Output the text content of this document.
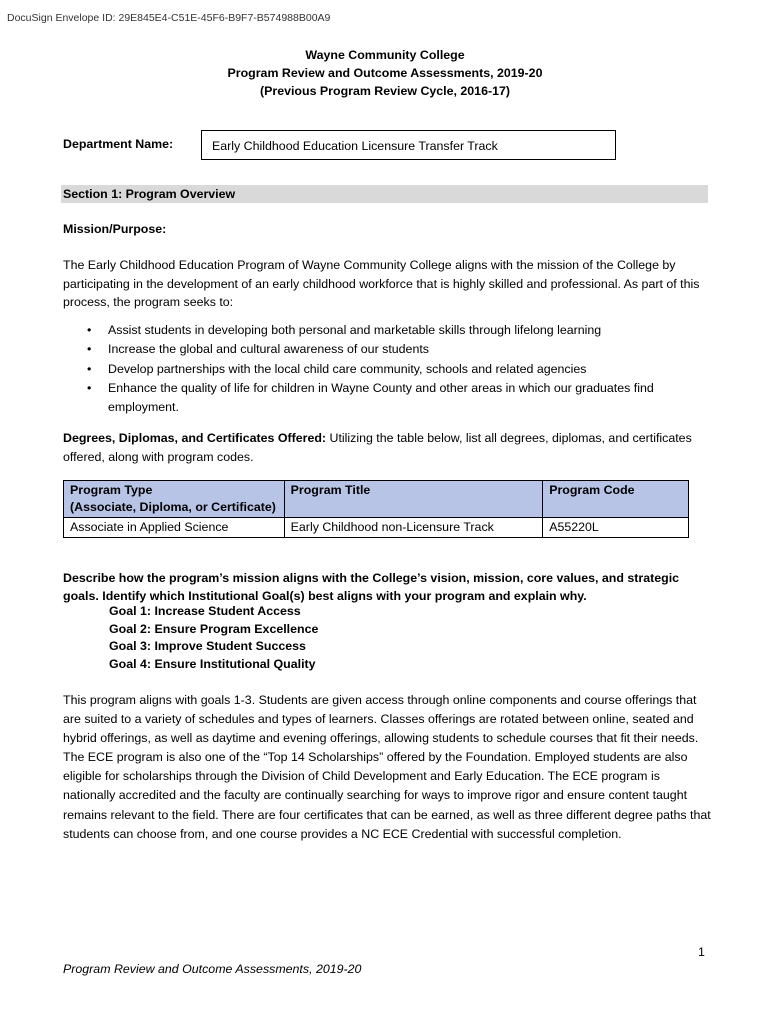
DocuSign Envelope ID: 29E845E4-C51E-45F6-B9F7-B574988B00A9
Wayne Community College
Program Review and Outcome Assessments, 2019-20
(Previous Program Review Cycle, 2016-17)
Department Name:	Early Childhood Education Licensure Transfer Track
Section 1: Program Overview
Mission/Purpose:
The Early Childhood Education Program of Wayne Community College aligns with the mission of the College by participating in the development of an early childhood workforce that is highly skilled and professional. As part of this process, the program seeks to:
• Assist students in developing both personal and marketable skills through lifelong learning
• Increase the global and cultural awareness of our students
• Develop partnerships with the local child care community, schools and related agencies
• Enhance the quality of life for children in Wayne County and other areas in which our graduates find employment.
Degrees, Diplomas, and Certificates Offered: Utilizing the table below, list all degrees, diplomas, and certificates offered, along with program codes.
Program Type
(Associate, Diploma, or Certificate)	Program Title	Program Code
Associate in Applied Science	Early Childhood non-Licensure Track	A55220L
Describe how the program’s mission aligns with the College’s vision, mission, core values, and strategic goals. Identify which Institutional Goal(s) best aligns with your program and explain why.
Goal 1: Increase Student Access
Goal 2: Ensure Program Excellence
Goal 3: Improve Student Success
Goal 4: Ensure Institutional Quality
This program aligns with goals 1-3. Students are given access through online components and course offerings that are suited to a variety of schedules and types of learners. Classes offerings are rotated between online, seated and hybrid offerings, as well as daytime and evening offerings, allowing students to schedule courses that fit their needs. The ECE program is also one of the “Top 14 Scholarships” offered by the Foundation. Employed students are also eligible for scholarships through the Division of Child Development and Early Education. The ECE program is nationally accredited and the faculty are continually searching for ways to improve rigor and ensure content taught remains relevant to the field. There are four certificates that can be earned, as well as three different degree paths that students can choose from, and one course provides a NC ECE Credential with successful completion.
1
Program Review and Outcome Assessments, 2019-20
